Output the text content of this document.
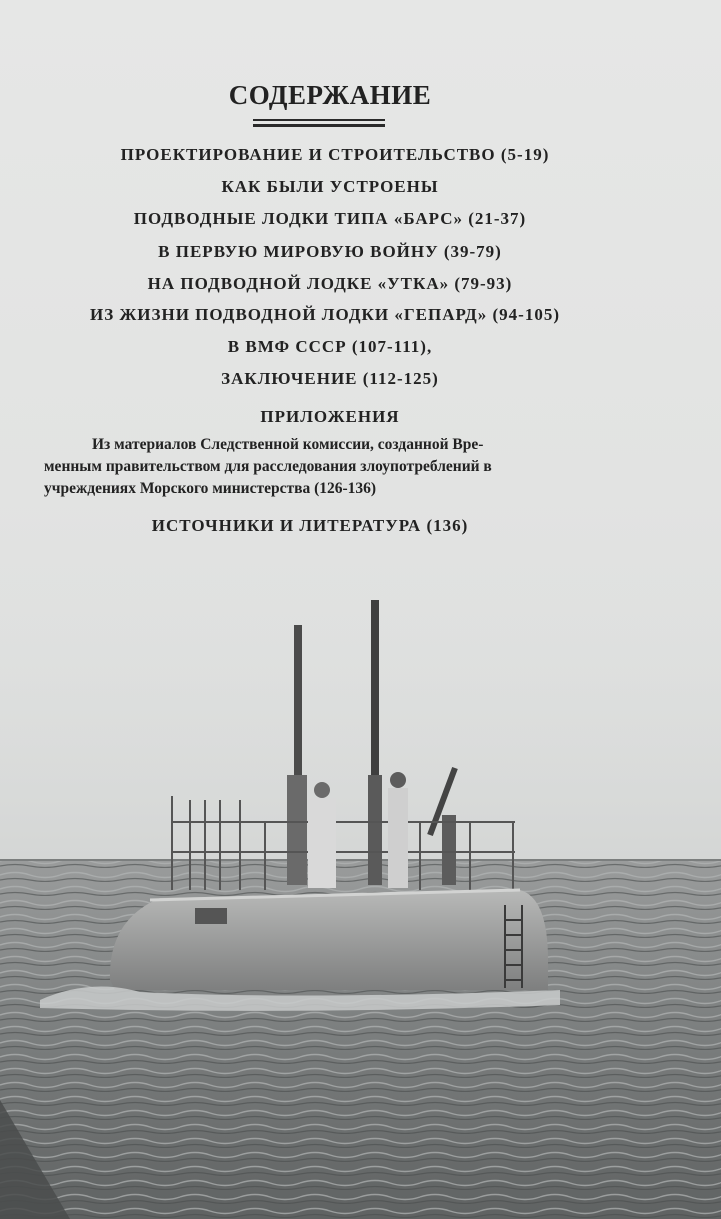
СОДЕРЖАНИЕ
ПРОЕКТИРОВАНИЕ И СТРОИТЕЛЬСТВО (5-19)
КАК БЫЛИ УСТРОЕНЫ
ПОДВОДНЫЕ ЛОДКИ ТИПА «БАРС» (21-37)
В ПЕРВУЮ МИРОВУЮ ВОЙНУ (39-79)
НА ПОДВОДНОЙ ЛОДКЕ «УТКА» (79-93)
ИЗ ЖИЗНИ ПОДВОДНОЙ ЛОДКИ «ГЕПАРД» (94-105)
В ВМФ СССР (107-111),
ЗАКЛЮЧЕНИЕ (112-125)
ПРИЛОЖЕНИЯ
Из материалов Следственной комиссии, созданной Вре-
менным правительством для расследования злоупотреблений в
учреждениях Морского министерства (126-136)
ИСТОЧНИКИ И ЛИТЕРАТУРА (136)
